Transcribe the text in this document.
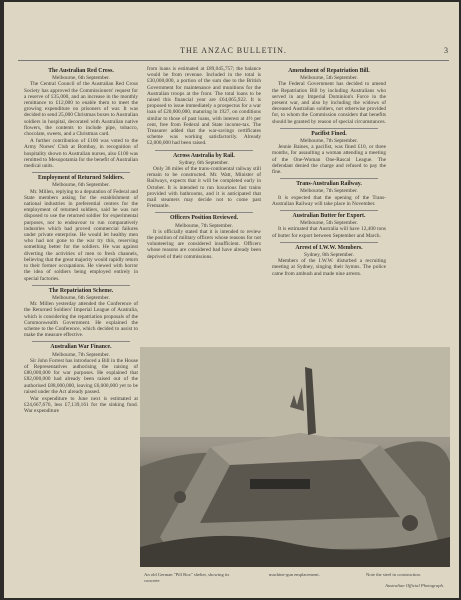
THE ANZAC BULLETIN.	3
The Australian Red Cross.
Melbourne, 6th September.

The Central Council of the Australian Red Cross Society has approved the Commissioners' request for a reserve of £35,000, and an increase in the monthly remittance to £12,000 to enable them to meet the growing expenditure on prisoners of war. It was decided to send 25,000 Christmas boxes to Australian soldiers in hospital, decorated with Australian native flowers, the contents to include pipe, tobacco, chocolate, sweets, and a Christmas card.

A further contribution of £100 was voted to the Army Nurses' Club at Bombay, in recognition of hospitality shown to Australian nurses, also £100 was remitted to Mesopotamia for the benefit of Australian medical units.

Employment of Returned Soldiers.
Melbourne, 6th September.

Mr. Millen, replying to a deputation of Federal and State members asking for the establishment of national industries in preferential centres for the employment of returned soldiers, said he was not disposed to use the returned soldier for experimental purposes, nor to endeavour to run comparatively industries which had proved commercial failures under private enterprise. He would let healthy men who had not gone to the war try this, reserving something better for the soldiers. He was against diverting the activities of men to fresh channels, believing that the great majority would rapidly return to their former occupations. He viewed with horror the idea of soldiers being employed entirely in special factories.

The Repatriation Scheme.
Melbourne, 6th September.

Mr. Millen yesterday attended the Conference of the Returned Soldiers' Imperial League of Australia, which is considering the repatriation proposals of the Commonwealth Government. He explained the scheme to the Conference, which decided to assist to make the measure effective.

Australian War Finance.
Melbourne, 7th September.

Sir John Forrest has introduced a Bill in the House of Representatives authorising the raising of £80,000,000 for war purposes. He explained that £82,000,000 had already been raised out of the authorised £88,000,000, leaving £6,000,000 yet to be raised under the Act already passed.

War expenditure to June next is estimated at £24,667,676, less £7,139,161 for the sinking fund. War expenditure

from loans is estimated at £89,045,757; the balance would be from revenue. Included in the total is £30,000,000, a portion of the sum due to the British Government for maintenance and munitions for the Australian troops at the front. The total loans to be raised this financial year are £64,065,922. It is proposed to issue immediately a prospectus for a war loan of £20,000,000, maturing in 1927, on conditions similar to those of past loans, with interest at 4½ per cent, free from Federal and State income-tax. The Treasurer added that the war-savings certificates scheme was working satisfactorily. Already £2,000,000 had been raised.

Across Australia by Rail.
Sydney, 6th September.

Only 36 miles of the trans-continental railway still remain to be constructed. Mr. Watt, Minister of Railways, expects that it will be completed early in October. It is intended to run luxurious fast trains provided with bathrooms, and it is anticipated that mail steamers may decide not to come past Fremantle.

Officers Position Reviewed.
Melbourne, 7th September.

It is officially stated that it is intended to review the position of military officers whose reasons for not volunteering are considered insufficient. Officers whose reasons are considered bad have already been deprived of their commissions.

Amendment of Repatriation Bill.
Melbourne, 5th September.

The Federal Government has decided to amend the Repatriation Bill by including Australians who served in any Imperial Dominion's Force in the present war, and also by including the widows of deceased Australian soldiers, not otherwise provided for, to whom the Commission considers that benefits should be granted by reason of special circumstances.

Pacifist Fined.
Melbourne, 7th September.

Jennie Baines, a pacifist, was fined £10, or three months, for assaulting a woman attending a meeting of the One-Woman One-Rascal League. The defendant denied the charge and refused to pay the fine.

Trans-Australian Railway.
Melbourne, 7th September.

It is expected that the opening of the Trans-Australian Railway will take place in November.

Australian Butter for Export.
Melbourne, 5th September.

It is estimated that Australia will have 12,400 tons of butter for export between September and March.

Arrest of I.W.W. Members.
Sydney, 8th September.

Members of the I.W.W. disturbed a recruiting meeting at Sydney, singing their hymns. The police came from ambush and made nine arrests.

An old German "Pill Box" shelter, showing its concrete
machine-gun emplacement.	Note the steel in construction.
Australian Official Photograph.
